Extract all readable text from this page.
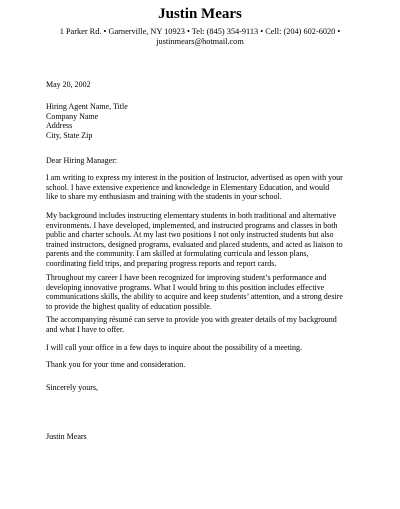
Justin Mears
1 Parker Rd. • Garnerville, NY 10923 • Tel: (845) 354-9113 • Cell: (204) 602-6020 •
justinmears@hotmail.com
May 20, 2002
Hiring Agent Name, Title
Company Name
Address
City, State Zip
Dear Hiring Manager:
I am writing to express my interest in the position of Instructor, advertised as open with your
school. I have extensive experience and knowledge in Elementary Education, and would
like to share my enthusiasm and training with the students in your school.
My background includes instructing elementary students in both traditional and alternative
environments. I have developed, implemented, and instructed programs and classes in both
public and charter schools. At my last two positions I not only instructed students but also
trained instructors, designed programs, evaluated and placed students, and acted as liaison to
parents and the community. I am skilled at formulating curricula and lesson plans,
coordinating field trips, and preparing progress reports and report cards.
Throughout my career I have been recognized for improving student’s performance and
developing innovative programs. What I would bring to this position includes effective
communications skills, the ability to acquire and keep students’ attention, and a strong desire
to provide the highest quality of education possible.
The accompanying résumé can serve to provide you with greater details of my background
and what I have to offer.
I will call your office in a few days to inquire about the possibility of a meeting.
Thank you for your time and consideration.
Sincerely yours,
Justin Mears
